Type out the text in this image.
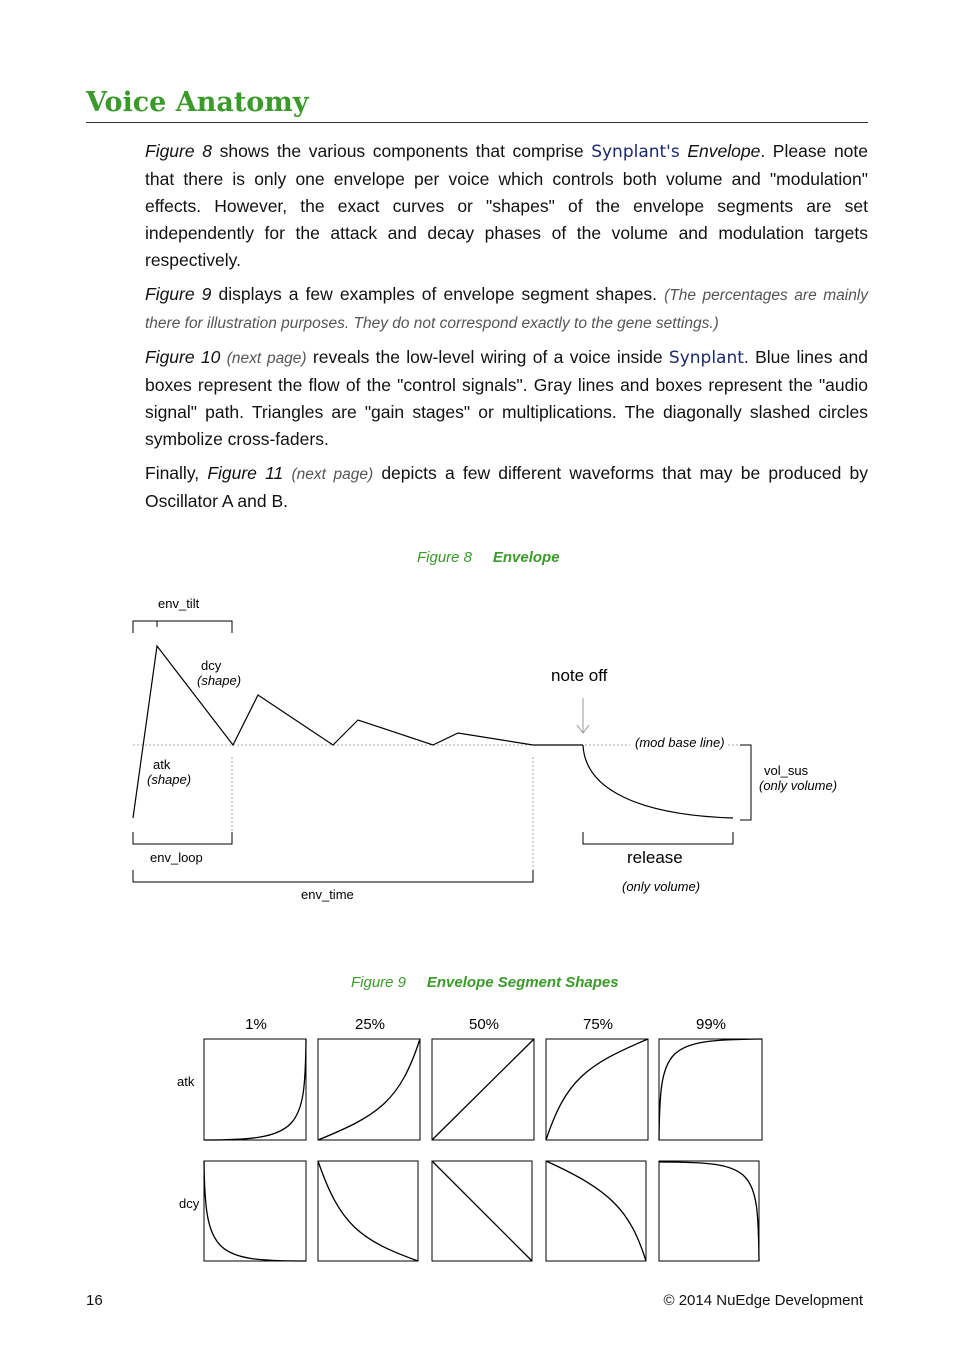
Voice Anatomy

Figure 8 shows the various components that comprise Synplant's Envelope. Please note that there is only one envelope per voice which controls both volume and "modulation" effects. However, the exact curves or "shapes" of the envelope segments are set independently for the attack and decay phases of the volume and modulation targets respectively.

Figure 9 displays a few examples of envelope segment shapes. (The percentages are mainly there for illustration purposes. They do not correspond exactly to the gene settings.)

Figure 10 (next page) reveals the low-level wiring of a voice inside Synplant. Blue lines and boxes represent the flow of the "control signals". Gray lines and boxes represent the "audio signal" path. Triangles are "gain stages" or multiplications. The diagonally slashed circles symbolize cross-faders.

Finally, Figure 11 (next page) depicts a few different waveforms that may be produced by Oscillator A and B.

Figure 8 Envelope
env_tilt
dcy
(shape)	note off
(mod base line)
atk
(shape)
vol_sus
(only volume)
env_loop	release
(only volume)
env_time
Figure 9 Envelope Segment Shapes
1%	25%	50%	75%	99%
atk
dcy
16	© 2014 NuEdge Development
